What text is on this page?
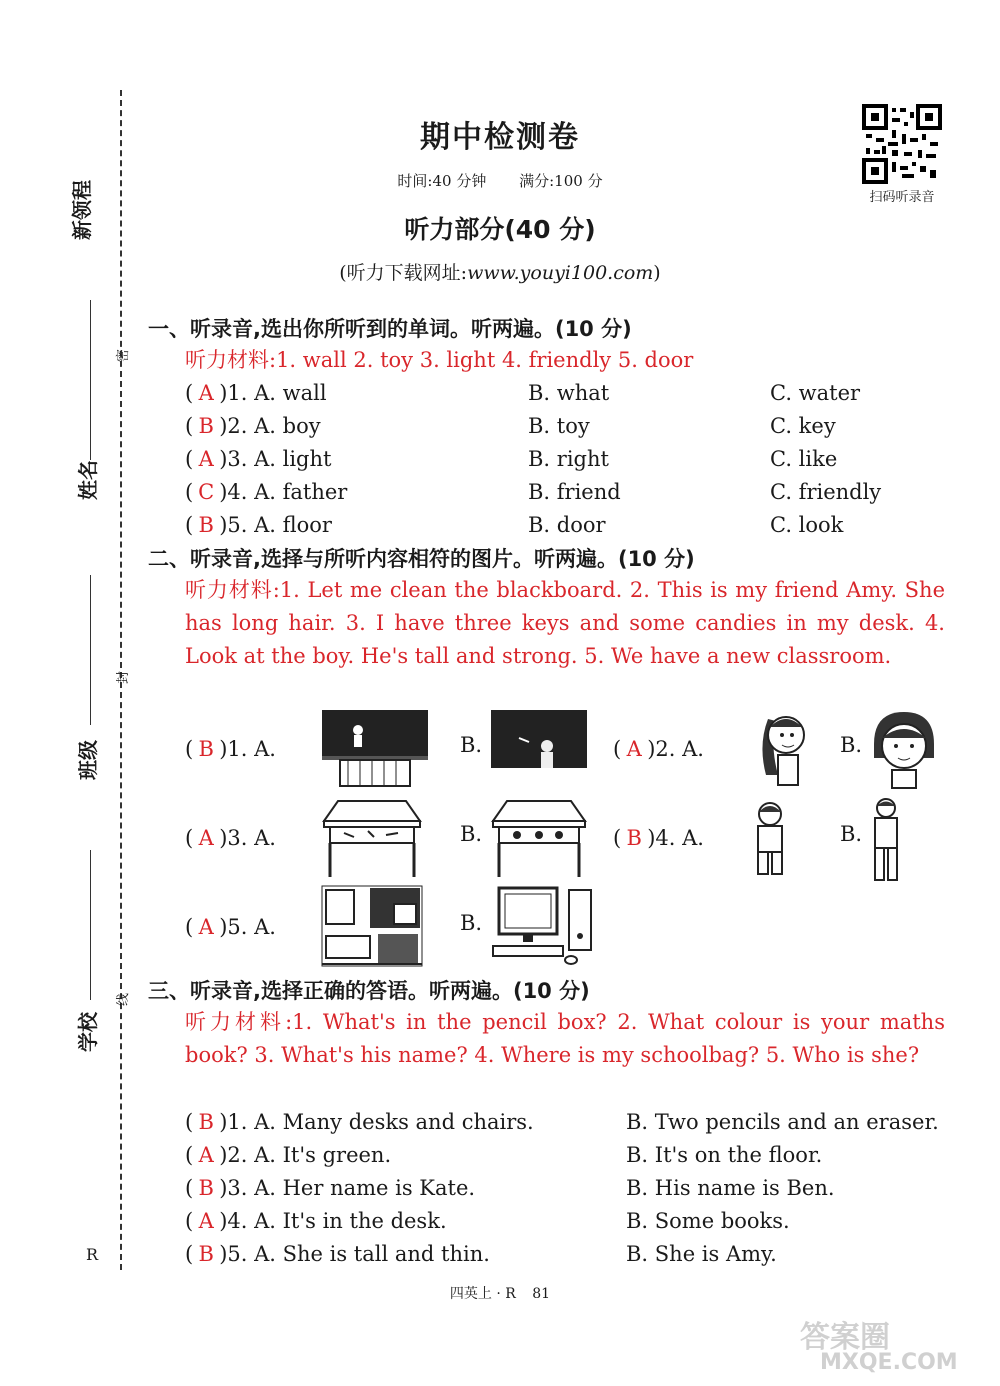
新领程
姓名
班级
学校
密
封
线
R
期中检测卷
时间:40 分钟 满分:100 分
扫码听录音
听力部分(40 分)
(听力下载网址:www.youyi100.com)
一、听录音,选出你所听到的单词。听两遍。(10 分)
听力材料:1. wall 2. toy 3. light 4. friendly 5. door
( A )1. A. wall	B. what	C. water
( B )2. A. boy	B. toy	C. key
( A )3. A. light	B. right	C. like
( C )4. A. father	B. friend	C. friendly
( B )5. A. floor	B. door	C. look
二、听录音,选择与所听内容相符的图片。听两遍。(10 分)
听力材料:1. Let me clean the blackboard. 2. This is my friend Amy. She has long hair. 3. I have three keys and some candies in my desk. 4. Look at the boy. He's tall and strong. 5. We have a new classroom.
( B )1. A.	B.	( A )2. A.	B.
( A )3. A.	B.	( B )4. A.	B.
( A )5. A.	B.
三、听录音,选择正确的答语。听两遍。(10 分)
听力材料:1. What's in the pencil box? 2. What colour is your maths book? 3. What's his name? 4. Where is my schoolbag? 5. Who is she?
( B )1. A. Many desks and chairs.	B. Two pencils and an eraser.
( A )2. A. It's green.	B. It's on the floor.
( B )3. A. Her name is Kate.	B. His name is Ben.
( A )4. A. It's in the desk.	B. Some books.
( B )5. A. She is tall and thin.	B. She is Amy.
四英上 · R 81
答案圈
MXQE.COM
